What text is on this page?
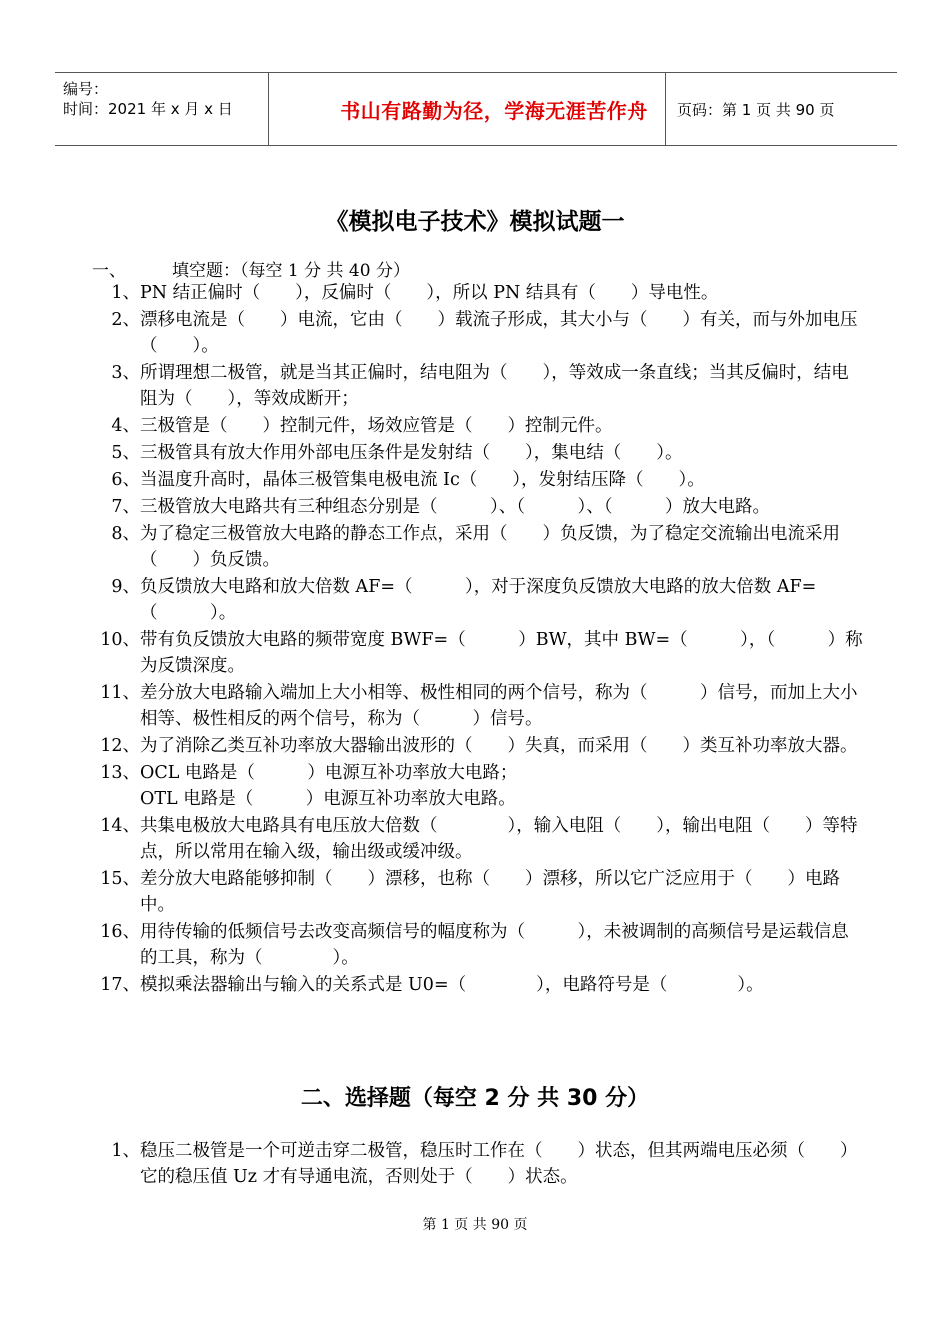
编号：
时间：2021 年 x 月 x 日	书山有路勤为径，学海无涯苦作舟	页码：第 1 页 共 90 页
《模拟电子技术》模拟试题一
一、	填空题：（每空 1 分 共 40 分）
1、 PN 结正偏时（　　），反偏时（　　），所以 PN 结具有（　　）导电性。
2、 漂移电流是（　　）电流，它由（　　）载流子形成，其大小与（　　）有关，而与外加电压（　　）。
3、 所谓理想二极管，就是当其正偏时，结电阻为（　　），等效成一条直线；当其反偏时，结电阻为（　　），等效成断开；
4、 三极管是（　　）控制元件，场效应管是（　　）控制元件。
5、 三极管具有放大作用外部电压条件是发射结（　　），集电结（　　）。
6、 当温度升高时，晶体三极管集电极电流 Ic（　　），发射结压降（　　）。
7、 三极管放大电路共有三种组态分别是（　　　）、（　　　）、（　　　）放大电路。
8、 为了稳定三极管放大电路的静态工作点，采用（　　）负反馈，为了稳定交流输出电流采用（　　）负反馈。
9、 负反馈放大电路和放大倍数 AF=（　　　），对于深度负反馈放大电路的放大倍数 AF=（　　　）。
10、 带有负反馈放大电路的频带宽度 BWF=（　　　）BW，其中 BW=（　　　），（　　　）称为反馈深度。
11、 差分放大电路输入端加上大小相等、极性相同的两个信号，称为（　　　）信号，而加上大小相等、极性相反的两个信号，称为（　　　）信号。
12、 为了消除乙类互补功率放大器输出波形的（　　）失真，而采用（　　）类互补功率放大器。
13、 OCL 电路是（　　　）电源互补功率放大电路；
OTL 电路是（　　　）电源互补功率放大电路。
14、 共集电极放大电路具有电压放大倍数（　　　　），输入电阻（　　），输出电阻（　　）等特点，所以常用在输入级，输出级或缓冲级。
15、 差分放大电路能够抑制（　　）漂移，也称（　　）漂移，所以它广泛应用于（　　）电路中。
16、 用待传输的低频信号去改变高频信号的幅度称为（　　　），未被调制的高频信号是运载信息的工具，称为（　　　　）。
17、 模拟乘法器输出与输入的关系式是 U0=（　　　　），电路符号是（　　　　）。
二、选择题（每空 2 分 共 30 分）
1、 稳压二极管是一个可逆击穿二极管，稳压时工作在（　　）状态，但其两端电压必须（　　）它的稳压值 Uz 才有导通电流，否则处于（　　）状态。
第 1 页 共 90 页
